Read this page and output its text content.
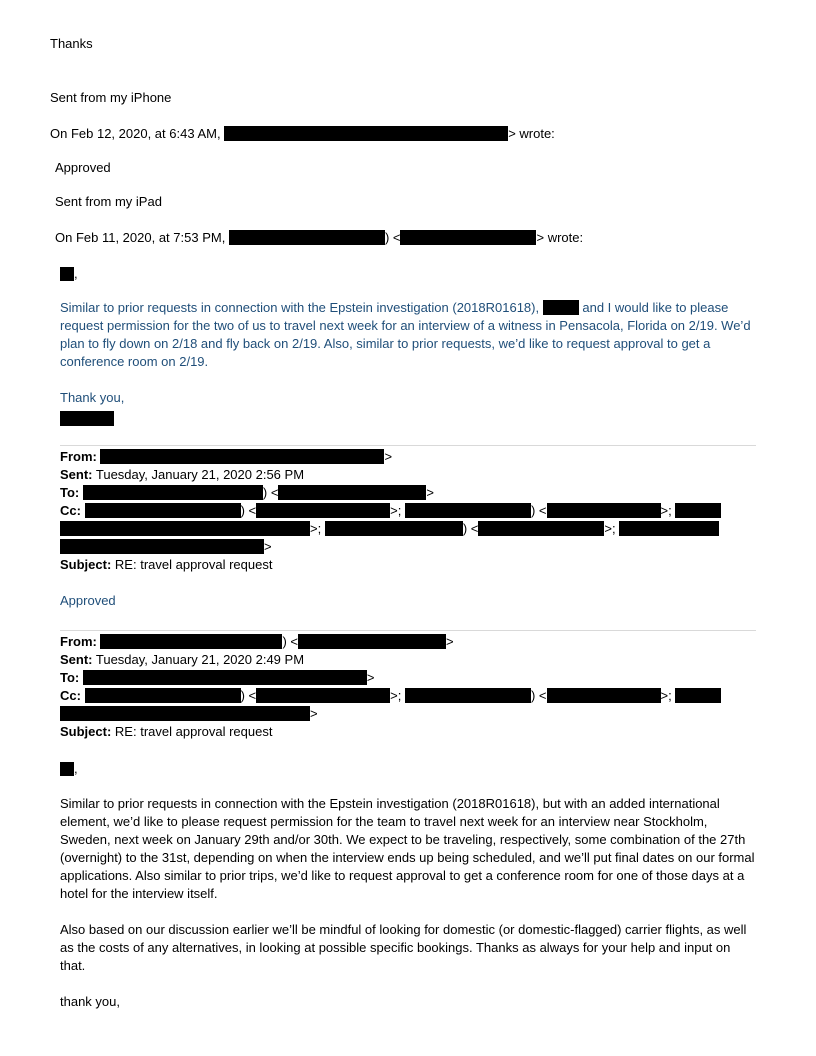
Thanks
Sent from my iPhone
On Feb 12, 2020, at 6:43 AM,	> wrote:
Approved
Sent from my iPad
On Feb 11, 2020, at 7:53 PM,	) <	> wrote:
,
Similar to prior requests in connection with the Epstein investigation (2018R01618),	and I would like to please request permission for the two of us to travel next week for an interview of a witness in Pensacola, Florida on 2/19. We’d plan to fly down on 2/18 and fly back on 2/19. Also, similar to prior requests, we’d like to request approval to get a conference room on 2/19.
Thank you,
From:	>
Sent: Tuesday, January 21, 2020 2:56 PM
To:	) <	>
Cc:	) <	>;	) <	>;
>;	) <	>;
>
Subject: RE: travel approval request
Approved
From:	) <	>
Sent: Tuesday, January 21, 2020 2:49 PM
To:	>
Cc:	) <	>;	) <	>;
>
Subject: RE: travel approval request
,
Similar to prior requests in connection with the Epstein investigation (2018R01618), but with an added international element, we’d like to please request permission for the team to travel next week for an interview near Stockholm, Sweden, next week on January 29th and/or 30th. We expect to be traveling, respectively, some combination of the 27th (overnight) to the 31st, depending on when the interview ends up being scheduled, and we’ll put final dates on our formal applications. Also similar to prior trips, we’d like to request approval to get a conference room for one of those days at a hotel for the interview itself.
Also based on our discussion earlier we’ll be mindful of looking for domestic (or domestic-flagged) carrier flights, as well as the costs of any alternatives, in looking at possible specific bookings. Thanks as always for your help and input on that.
thank you,
